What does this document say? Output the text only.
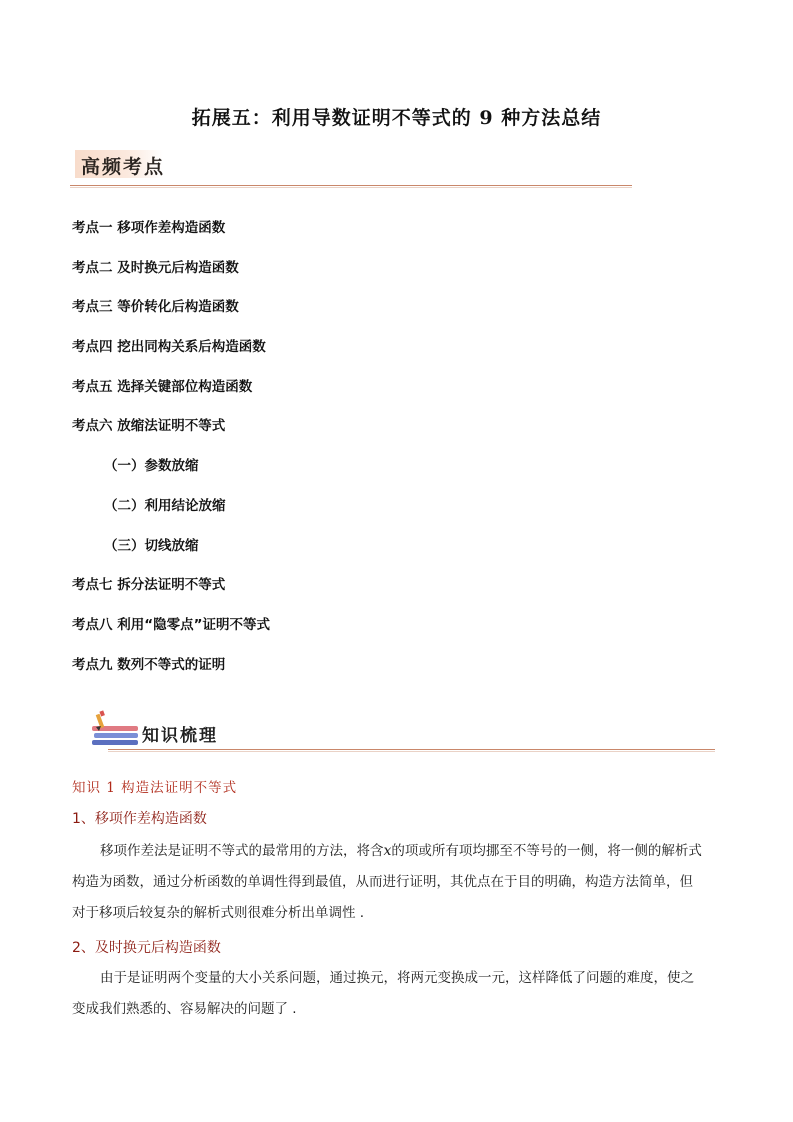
拓展五：利用导数证明不等式的 9 种方法总结
高频考点
考点一 移项作差构造函数
考点二 及时换元后构造函数
考点三 等价转化后构造函数
考点四 挖出同构关系后构造函数
考点五 选择关键部位构造函数
考点六 放缩法证明不等式
（一）参数放缩
（二）利用结论放缩
（三）切线放缩
考点七 拆分法证明不等式
考点八 利用“隐零点”证明不等式
考点九 数列不等式的证明
知识梳理
知识 1 构造法证明不等式
1、移项作差构造函数
移项作差法是证明不等式的最常用的方法，将含x的项或所有项均挪至不等号的一侧，将一侧的解析式
构造为函数，通过分析函数的单调性得到最值，从而进行证明，其优点在于目的明确，构造方法简单，但
对于移项后较复杂的解析式则很难分析出单调性 .
2、及时换元后构造函数
由于是证明两个变量的大小关系问题，通过换元，将两元变换成一元，这样降低了问题的难度，使之
变成我们熟悉的、容易解决的问题了 .
